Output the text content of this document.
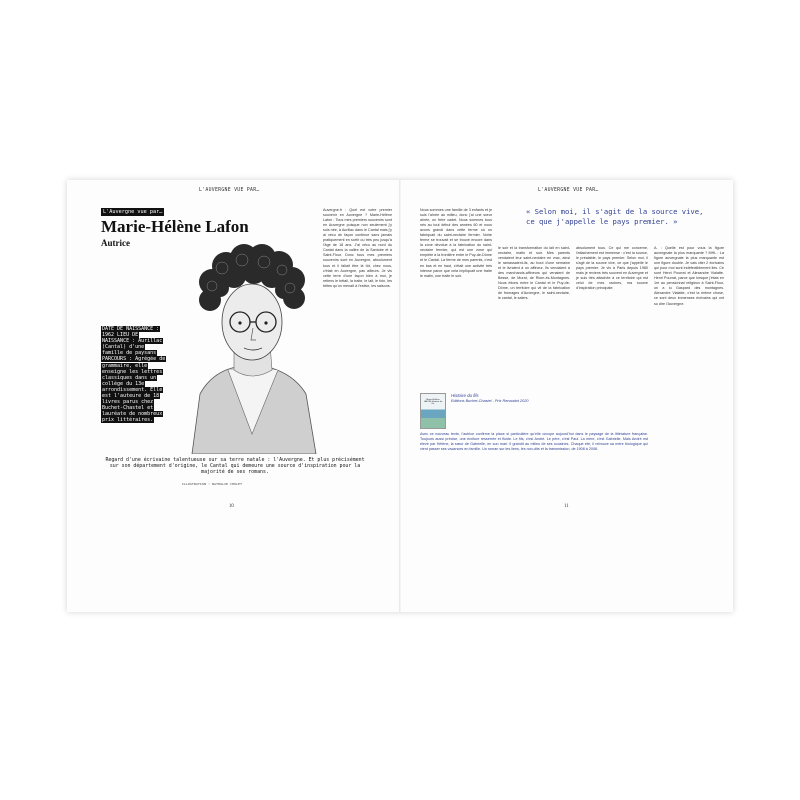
L'AUVERGNE VUE PAR…
L'Auvergne vue par…
Marie-Hélène Lafon
Autrice
DATE DE NAISSANCE : 1962 LIEU DE NAISSANCE : Aurillac (Cantal) d'une famille de paysans PARCOURS : Agrégée de grammaire, elle enseigne les lettres classiques dans un collège du 13e arrondissement. Elle est l'auteure de 18 livres parus chez Buchet-Chastel et lauréate de nombreux prix littéraires.
Auvergne.fr : Quel est votre premier souvenir en Auvergne ? Marie-Hélène Lafon : Tous mes premiers souvenirs sont en Auvergne puisque non seulement j'y suis née, à Aurillac dans le Cantal mais j'y ai vécu de façon continue sans jamais pratiquement en sortir ou très peu jusqu'à l'âge de 18 ans. J'ai vécu au nord du Cantal dans la vallée de la Santoire et à Saint-Flour. Donc tous mes premiers souvenirs sont en Auvergne, absolument tous et il fallait être là tôt, chez nous, c'était en Auvergne, pas ailleurs. Je vis cette terre d'une façon bien à moi, je retiens le bétail, la traite, le lait, le foin, les bêtes qu'on menait à l'estive, les saisons.
Regard d'une écrivaine talentueuse sur sa terre natale : l'Auvergne. Et plus précisément sur son département d'origine, le Cantal qui demeure une source d'inspiration pour la majorité de ses romans.
ILLUSTRATION : NATHALIE CHOLET
10
L'AUVERGNE VUE PAR…
« Selon moi, il s'agit de la source vive, ce que j'appelle le pays premier. »
Nous sommes une famille de 3 enfants et je suis l'aînée au milieu, donc j'ai une sœur aînée, un frère cadet. Nous sommes tous nés au tout début des années 60 et nous avons grandi dans cette ferme où on fabriquait du saint-nectaire fermier. Notre ferme se trouvait et se trouve encore dans la zone dévolue à la fabrication du saint-nectaire fermier, qui est une zone qui empiète à la frontière entre le Puy-de-Dôme et le Cantal. La ferme de mes parents, c'est en bas et en haut, c'était une activité très intense parce que cela impliquait une traite le matin, une traite le soir.
le soir et la transformation du lait en saint-nectaire, matin et soir. Mes parents vendaient leur saint-nectaire en vrac, ainsi le ramassaient-ils, au bout d'une semaine et le livraient à un affineur. Ils vendaient à des marchands-affineurs qui venaient de Besse, de Murat, de Riom-ès-Montagnes. Nous étions entre le Cantal et le Puy-de-Dôme, un territoire qui vit de la fabrication de fromages d'Auvergne, le saint-nectaire, le cantal, le salers.
absolument tous. Ce qui me concerne, l'attachement est immense : c'est la source, le préalable, le pays premier. Selon moi, il s'agit de la source vive, ce que j'appelle le pays premier. Je vis à Paris depuis 1980 mais je reviens très souvent en Auvergne et je suis très attachée à ce territoire qui est celui de mes racines, ma source d'inspiration principale.
A. : Quelle est pour vous la figure auvergnate la plus marquante ? MHL : La figure auvergnate la plus marquante est une figure double. Je vais citer 2 écrivains qui pour moi sont indéfectiblement liés. Ce sont Henri Pourrat et Alexandre Vialatte. Henri Pourrat, parce que lorsque j'étais en 1re au pensionnat religieux à Saint-Flour, on a lu Gaspard des montagnes. Alexandre Vialatte, c'est la même chose, ce sont deux immenses écrivains qui ont su dire l'Auvergne.
Marie-Hélène LAFON Histoire du fils
Histoire du fils
Editions Buchet-Chastel - Prix Renaudot 2020
Avec ce nouveau texte, l'autrice confirme la place si particulière qu'elle occupe aujourd'hui dans le paysage de la littérature française. Toujours aussi précise, une écriture resserrée et fluide. Le fils, c'est André. Le père, c'est Paul. La mère, c'est Gabrielle. Mais André est élevé par Hélène, la sœur de Gabrielle, en son mari. Il grandit au milieu de ses cousines. Chaque été, il retrouve sa mère biologique qui vient passer ses vacances en famille. Un roman sur les liens, les non-dits et la transmission, de 1908 à 2008.
11
